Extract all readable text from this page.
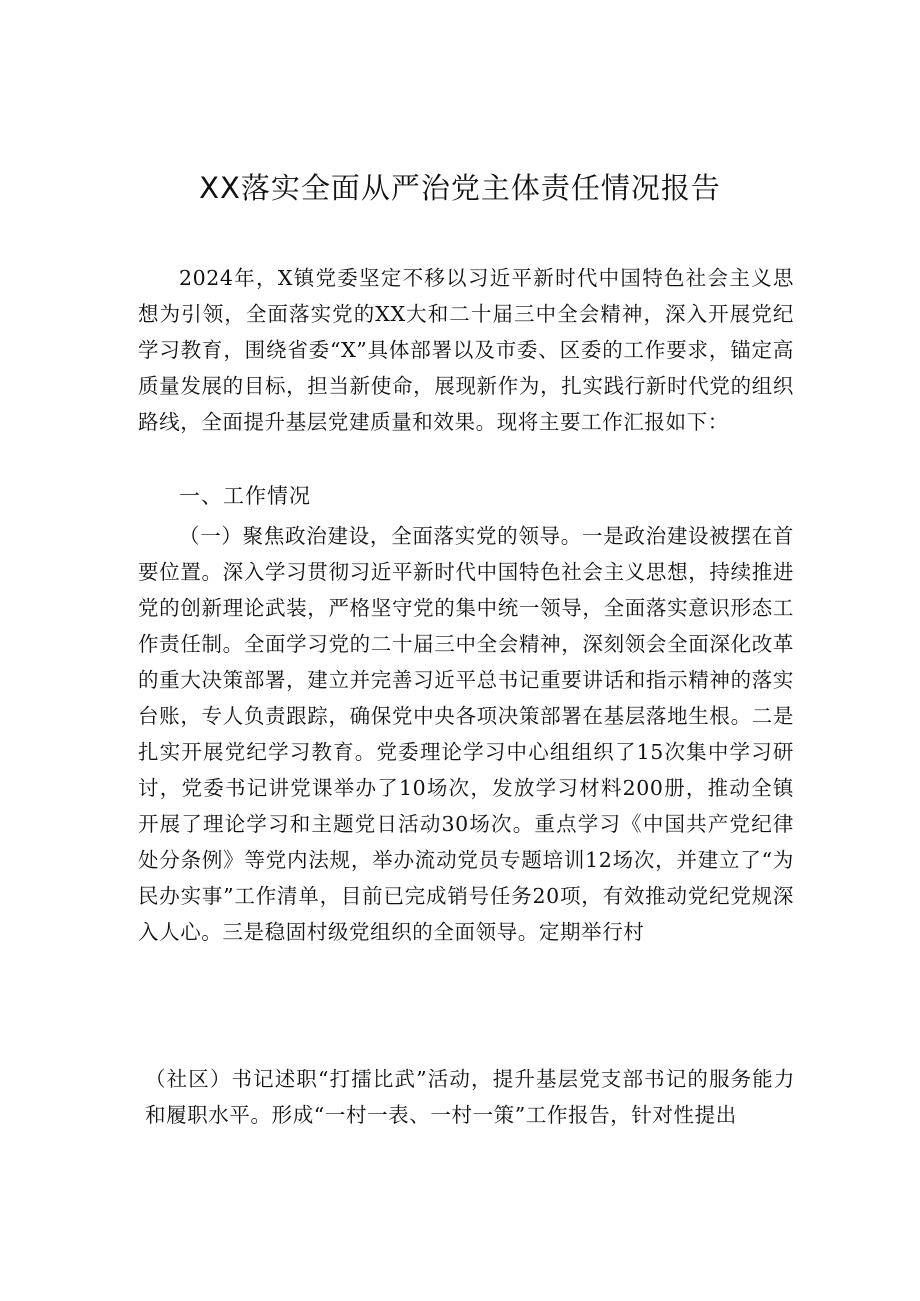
XX落实全面从严治党主体责任情况报告

2024年，X镇党委坚定不移以习近平新时代中国特色社会主义思想为引领，全面落实党的XX大和二十届三中全会精神，深入开展党纪学习教育，围绕省委“X”具体部署以及市委、区委的工作要求，锚定高质量发展的目标，担当新使命，展现新作为，扎实践行新时代党的组织路线，全面提升基层党建质量和效果。现将主要工作汇报如下：

一、工作情况

（一）聚焦政治建设，全面落实党的领导。一是政治建设被摆在首要位置。深入学习贯彻习近平新时代中国特色社会主义思想，持续推进党的创新理论武装，严格坚守党的集中统一领导，全面落实意识形态工作责任制。全面学习党的二十届三中全会精神，深刻领会全面深化改革的重大决策部署，建立并完善习近平总书记重要讲话和指示精神的落实台账，专人负责跟踪，确保党中央各项决策部署在基层落地生根。二是扎实开展党纪学习教育。党委理论学习中心组组织了15次集中学习研讨，党委书记讲党课举办了10场次，发放学习材料200册，推动全镇开展了理论学习和主题党日活动30场次。重点学习《中国共产党纪律处分条例》等党内法规，举办流动党员专题培训12场次，并建立了“为民办实事”工作清单，目前已完成销号任务20项，有效推动党纪党规深入人心。三是稳固村级党组织的全面领导。定期举行村

（社区）书记述职“打擂比武”活动，提升基层党支部书记的服务能力和履职水平。形成“一村一表、一村一策”工作报告，针对性提出
